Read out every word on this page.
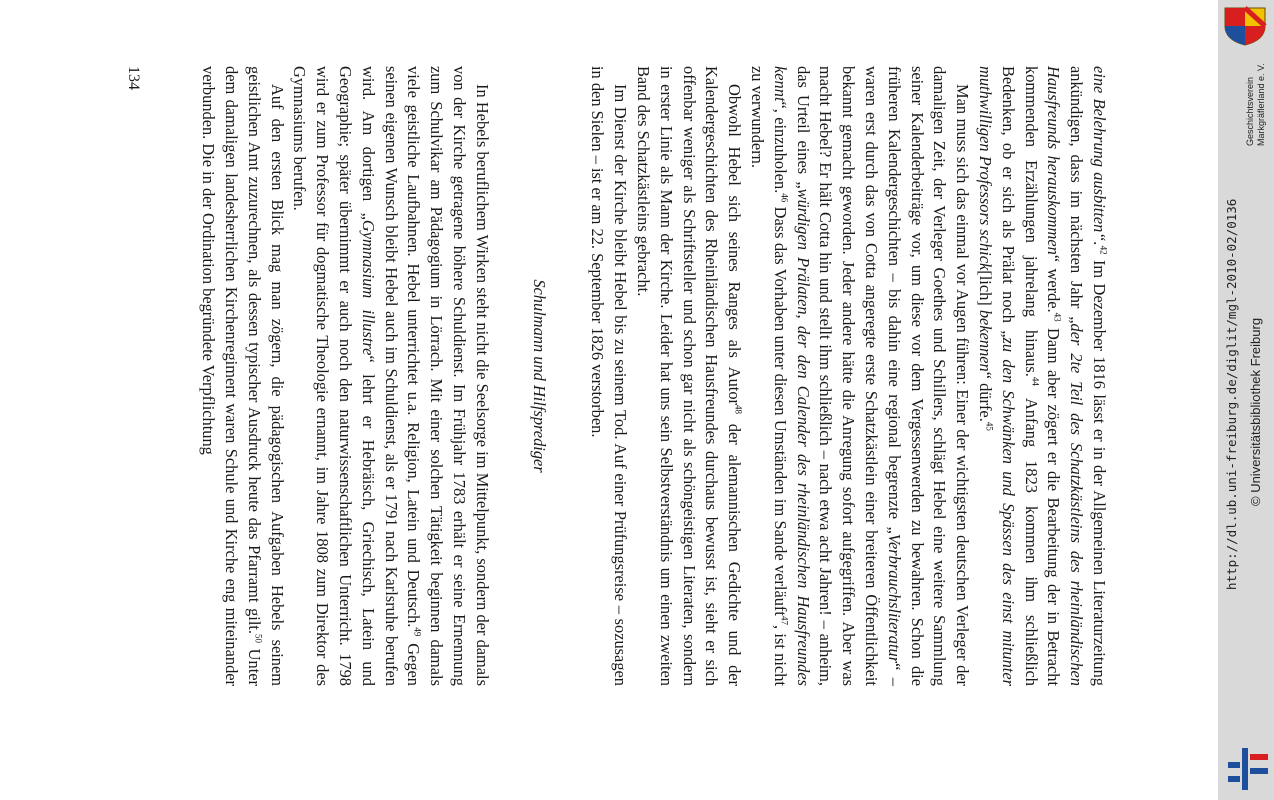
eine Belehrung ausbitten“.$^{42}$ Im Dezember 1816 lässt er in der Allgemeinen Literaturzeitung ankündigen, dass im nächsten Jahr „der 2te Teil des Schatzkästleins des rheinländischen Hausfreunds herauskommen“ werde.$^{43}$ Dann aber zögert er die Bearbeitung der in Betracht kommenden Erzählungen jahrelang hinaus.$^{44}$ Anfang 1823 kommen ihm schließlich Bedenken, ob er sich als Prälat noch „zu den Schwänken und Spässen des einst mitunter muthwilligen Professors schick[lich] bekennen“ dürfe.$^{45}$

Man muss sich das einmal vor Augen führen: Einer der wichtigsten deutschen Verleger der damaligen Zeit, der Verleger Goethes und Schillers, schlägt Hebel eine weitere Sammlung seiner Kalenderbeiträge vor, um diese vor dem Vergessenwerden zu bewahren. Schon die früheren Kalendergeschichten – bis dahin eine regional begrenzte „Verbrauchsliteratur“ – waren erst durch das von Cotta angeregte erste Schatzkästlein einer breiteren Öffentlichkeit bekannt gemacht geworden. Jeder andere hätte die Anregung sofort aufgegriffen. Aber was macht Hebel? Er hält Cotta hin und stellt ihm schließlich – nach etwa acht Jahren! – anheim, das Urteil eines „würdigen Prälaten, der den Calender des rheinländischen Hausfreundes kennt“, einzuholen.$^{46}$ Dass das Vorhaben unter diesen Umständen im Sande verläuft$^{47}$, ist nicht zu verwundern.

Obwohl Hebel sich seines Ranges als Autor$^{48}$ der alemannischen Gedichte und der Kalendergeschichten des Rheinländischen Hausfreundes durchaus bewusst ist, sieht er sich offenbar weniger als Schriftsteller und schon gar nicht als schöngeistigen Literaten, sondern in erster Linie als Mann der Kirche. Leider hat uns sein Selbstverständnis um einen zweiten Band des Schatzkästleins gebracht.

Im Dienst der Kirche bleibt Hebel bis zu seinem Tod. Auf einer Prüfungsreise – sozusagen in den Sielen – ist er am 22. September 1826 verstorben.

Schulmann und Hilfsprediger

In Hebels beruflichem Wirken steht nicht die Seelsorge im Mittelpunkt, sondern der damals von der Kirche getragene höhere Schuldienst. Im Frühjahr 1783 erhält er seine Ernennung zum Schulvikar am Pädagogium in Lörrach. Mit einer solchen Tätigkeit beginnen damals viele geistliche Laufbahnen. Hebel unterrichtet u.a. Religion, Latein und Deutsch.$^{49}$ Gegen seinen eigenen Wunsch bleibt Hebel auch im Schuldienst, als er 1791 nach Karlsruhe berufen wird. Am dortigen „Gymnasium illustre“ lehrt er Hebräisch, Griechisch, Latein und Geographie; später übernimmt er auch noch den naturwissenschaftlichen Unterricht. 1798 wird er zum Professor für dogmatische Theologie ernannt, im Jahre 1808 zum Direktor des Gymnasiums berufen.

Auf den ersten Blick mag man zögern, die pädagogischen Aufgaben Hebels seinem geistlichen Amt zuzurechnen, als dessen typischer Ausdruck heute das Pfarramt gilt.$^{50}$ Unter dem damaligen landesherrlichen Kirchenregiment waren Schule und Kirche eng miteinander verbunden. Die in der Ordination begründete Verpflichtung

134	Geschichtsverein Markgräflerland e. V.
© Universitätsbibliothek Freiburg
http://dl.ub.uni-freiburg.de/diglit/mgl-2010-02/0136
